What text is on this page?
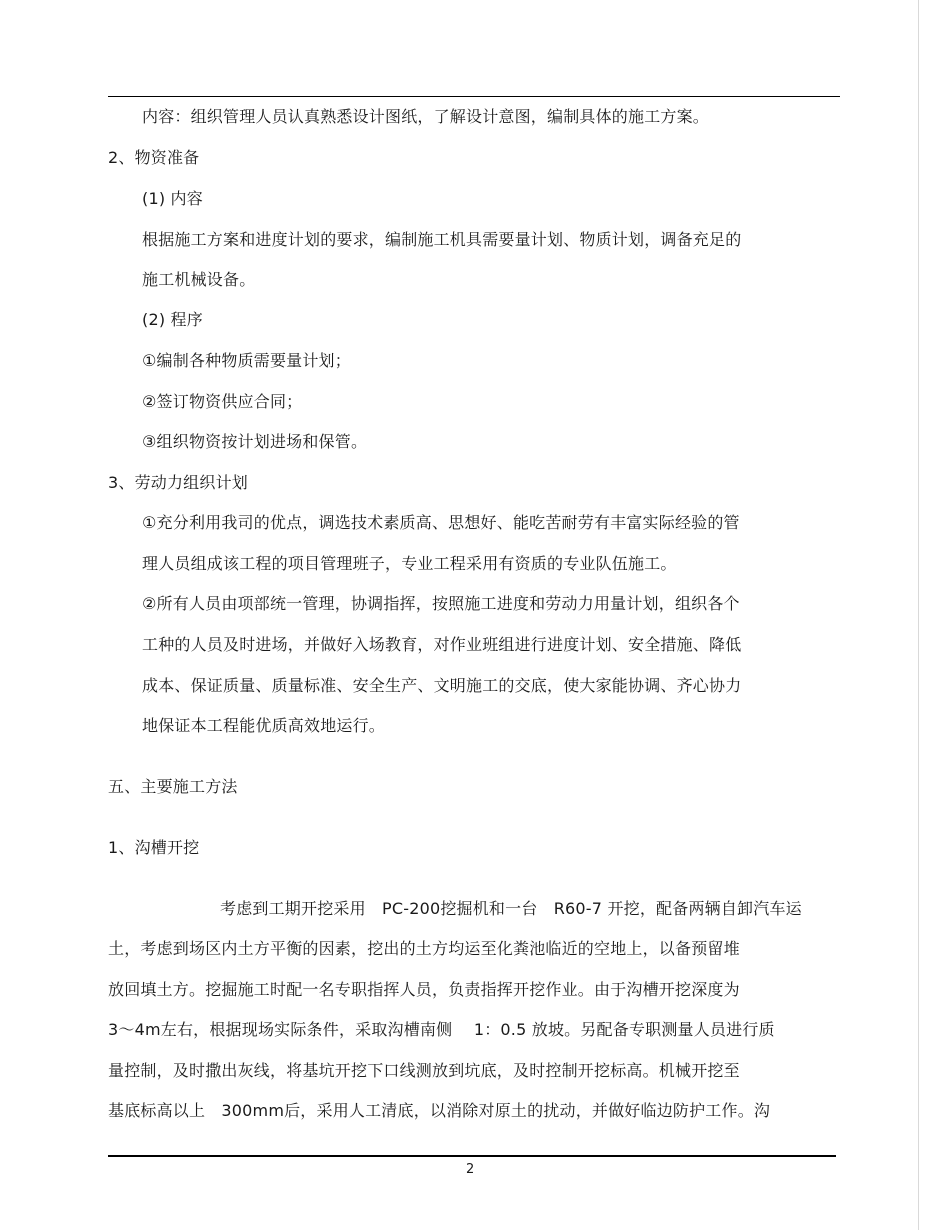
内容：组织管理人员认真熟悉设计图纸，了解设计意图，编制具体的施工方案。
2、物资准备
(1) 内容
根据施工方案和进度计划的要求，编制施工机具需要量计划、物质计划，调备充足的
施工机械设备。
(2) 程序
①编制各种物质需要量计划；
②签订物资供应合同；
③组织物资按计划进场和保管。
3、劳动力组织计划
①充分利用我司的优点，调选技术素质高、思想好、能吃苦耐劳有丰富实际经验的管
理人员组成该工程的项目管理班子，专业工程采用有资质的专业队伍施工。
②所有人员由项部统一管理，协调指挥，按照施工进度和劳动力用量计划，组织各个
工种的人员及时进场，并做好入场教育，对作业班组进行进度计划、安全措施、降低
成本、保证质量、质量标准、安全生产、文明施工的交底，使大家能协调、齐心协力
地保证本工程能优质高效地运行。
五、主要施工方法
1、沟槽开挖
考虑到工期开挖采用　PC-200挖掘机和一台　R60-7 开挖，配备两辆自卸汽车运
土，考虑到场区内土方平衡的因素，挖出的土方均运至化粪池临近的空地上，以备预留堆
放回填土方。挖掘施工时配一名专职指挥人员，负责指挥开挖作业。由于沟槽开挖深度为
3～4m左右，根据现场实际条件，采取沟槽南侧　 1：0.5 放坡。另配备专职测量人员进行质
量控制，及时撒出灰线，将基坑开挖下口线测放到坑底，及时控制开挖标高。机械开挖至
基底标高以上　300mm后，采用人工清底，以消除对原土的扰动，并做好临边防护工作。沟
2
